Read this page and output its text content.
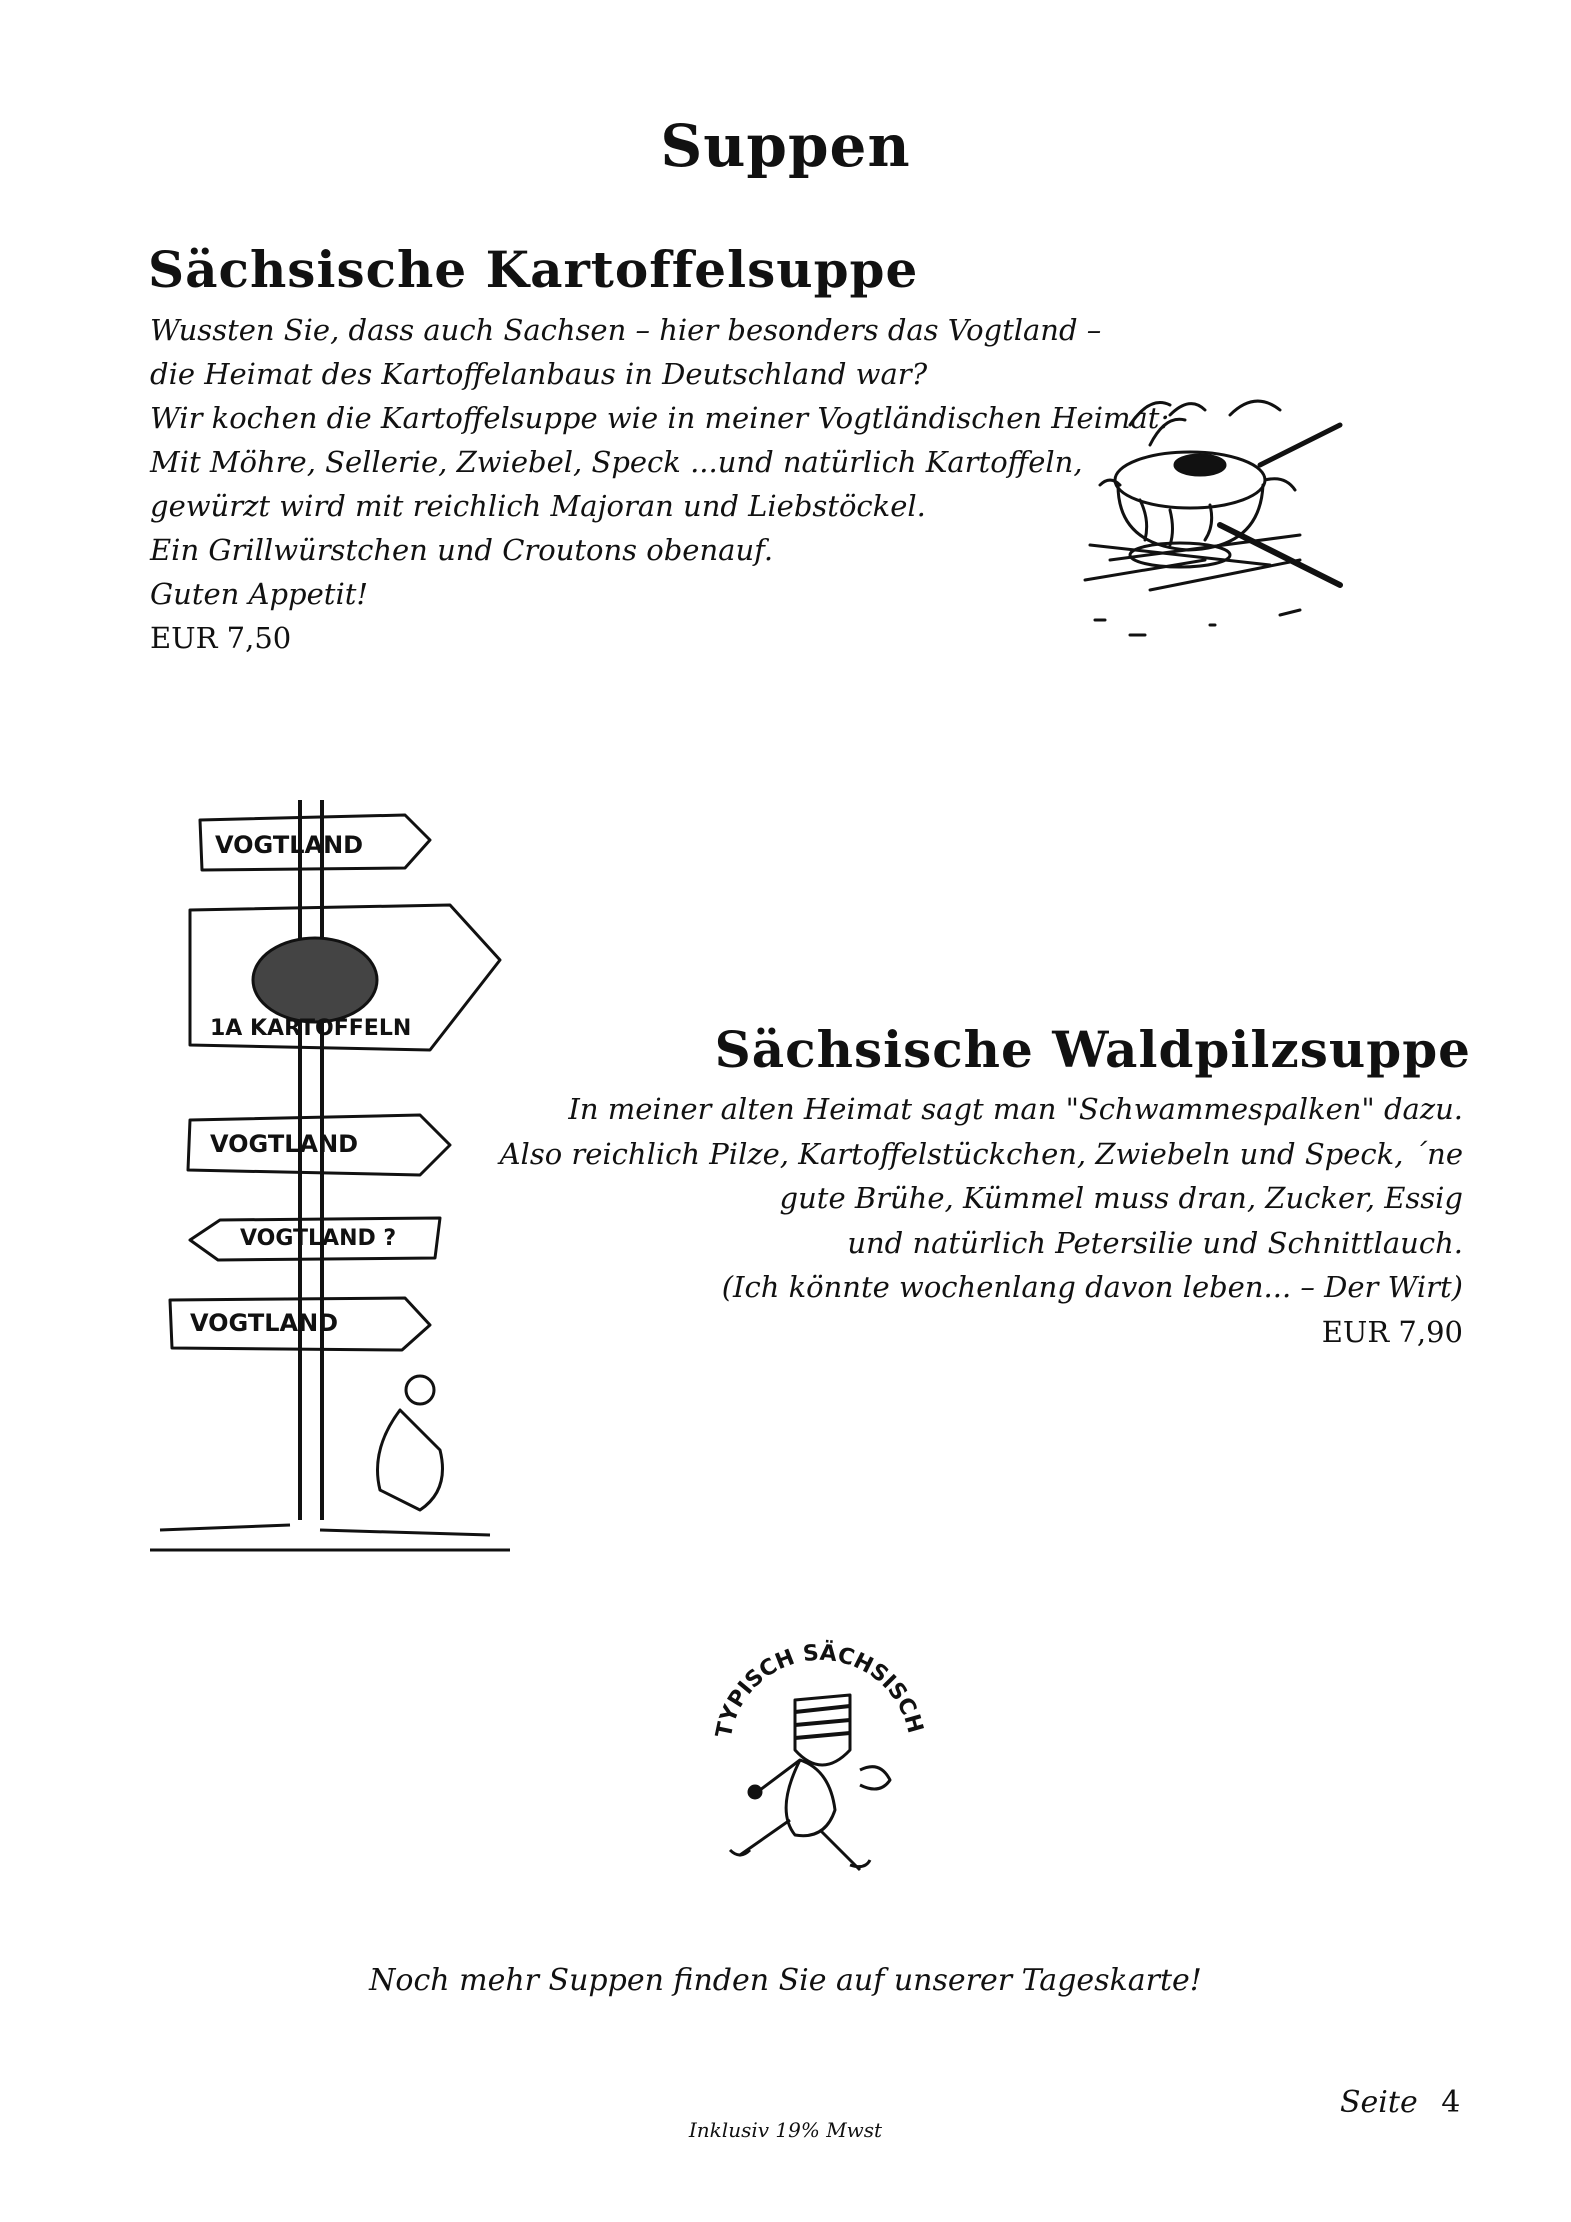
Suppen
Sächsische Kartoffelsuppe
Wussten Sie, dass auch Sachsen – hier besonders das Vogtland –
die Heimat des Kartoffelanbaus in Deutschland war?
Wir kochen die Kartoffelsuppe wie in meiner Vogtländischen Heimat:
Mit Möhre, Sellerie, Zwiebel, Speck ...und natürlich Kartoffeln,
gewürzt wird mit reichlich Majoran und Liebstöckel.
Ein Grillwürstchen und Croutons obenauf.
Guten Appetit!
EUR 7,50
VOGTLAND
1A KARTOFFELN
VOGTLAND
VOGTLAND ?
VOGTLAND
Sächsische Waldpilzsuppe
In meiner alten Heimat sagt man "Schwammespalken" dazu.
Also reichlich Pilze, Kartoffelstückchen, Zwiebeln und Speck, ´ne
gute Brühe, Kümmel muss dran, Zucker, Essig
und natürlich Petersilie und Schnittlauch.
(Ich könnte wochenlang davon leben... – Der Wirt)
EUR 7,90
TYPISCH SÄCHSISCH
Noch mehr Suppen finden Sie auf unserer Tageskarte!
Seite 4
Inklusiv 19% Mwst
